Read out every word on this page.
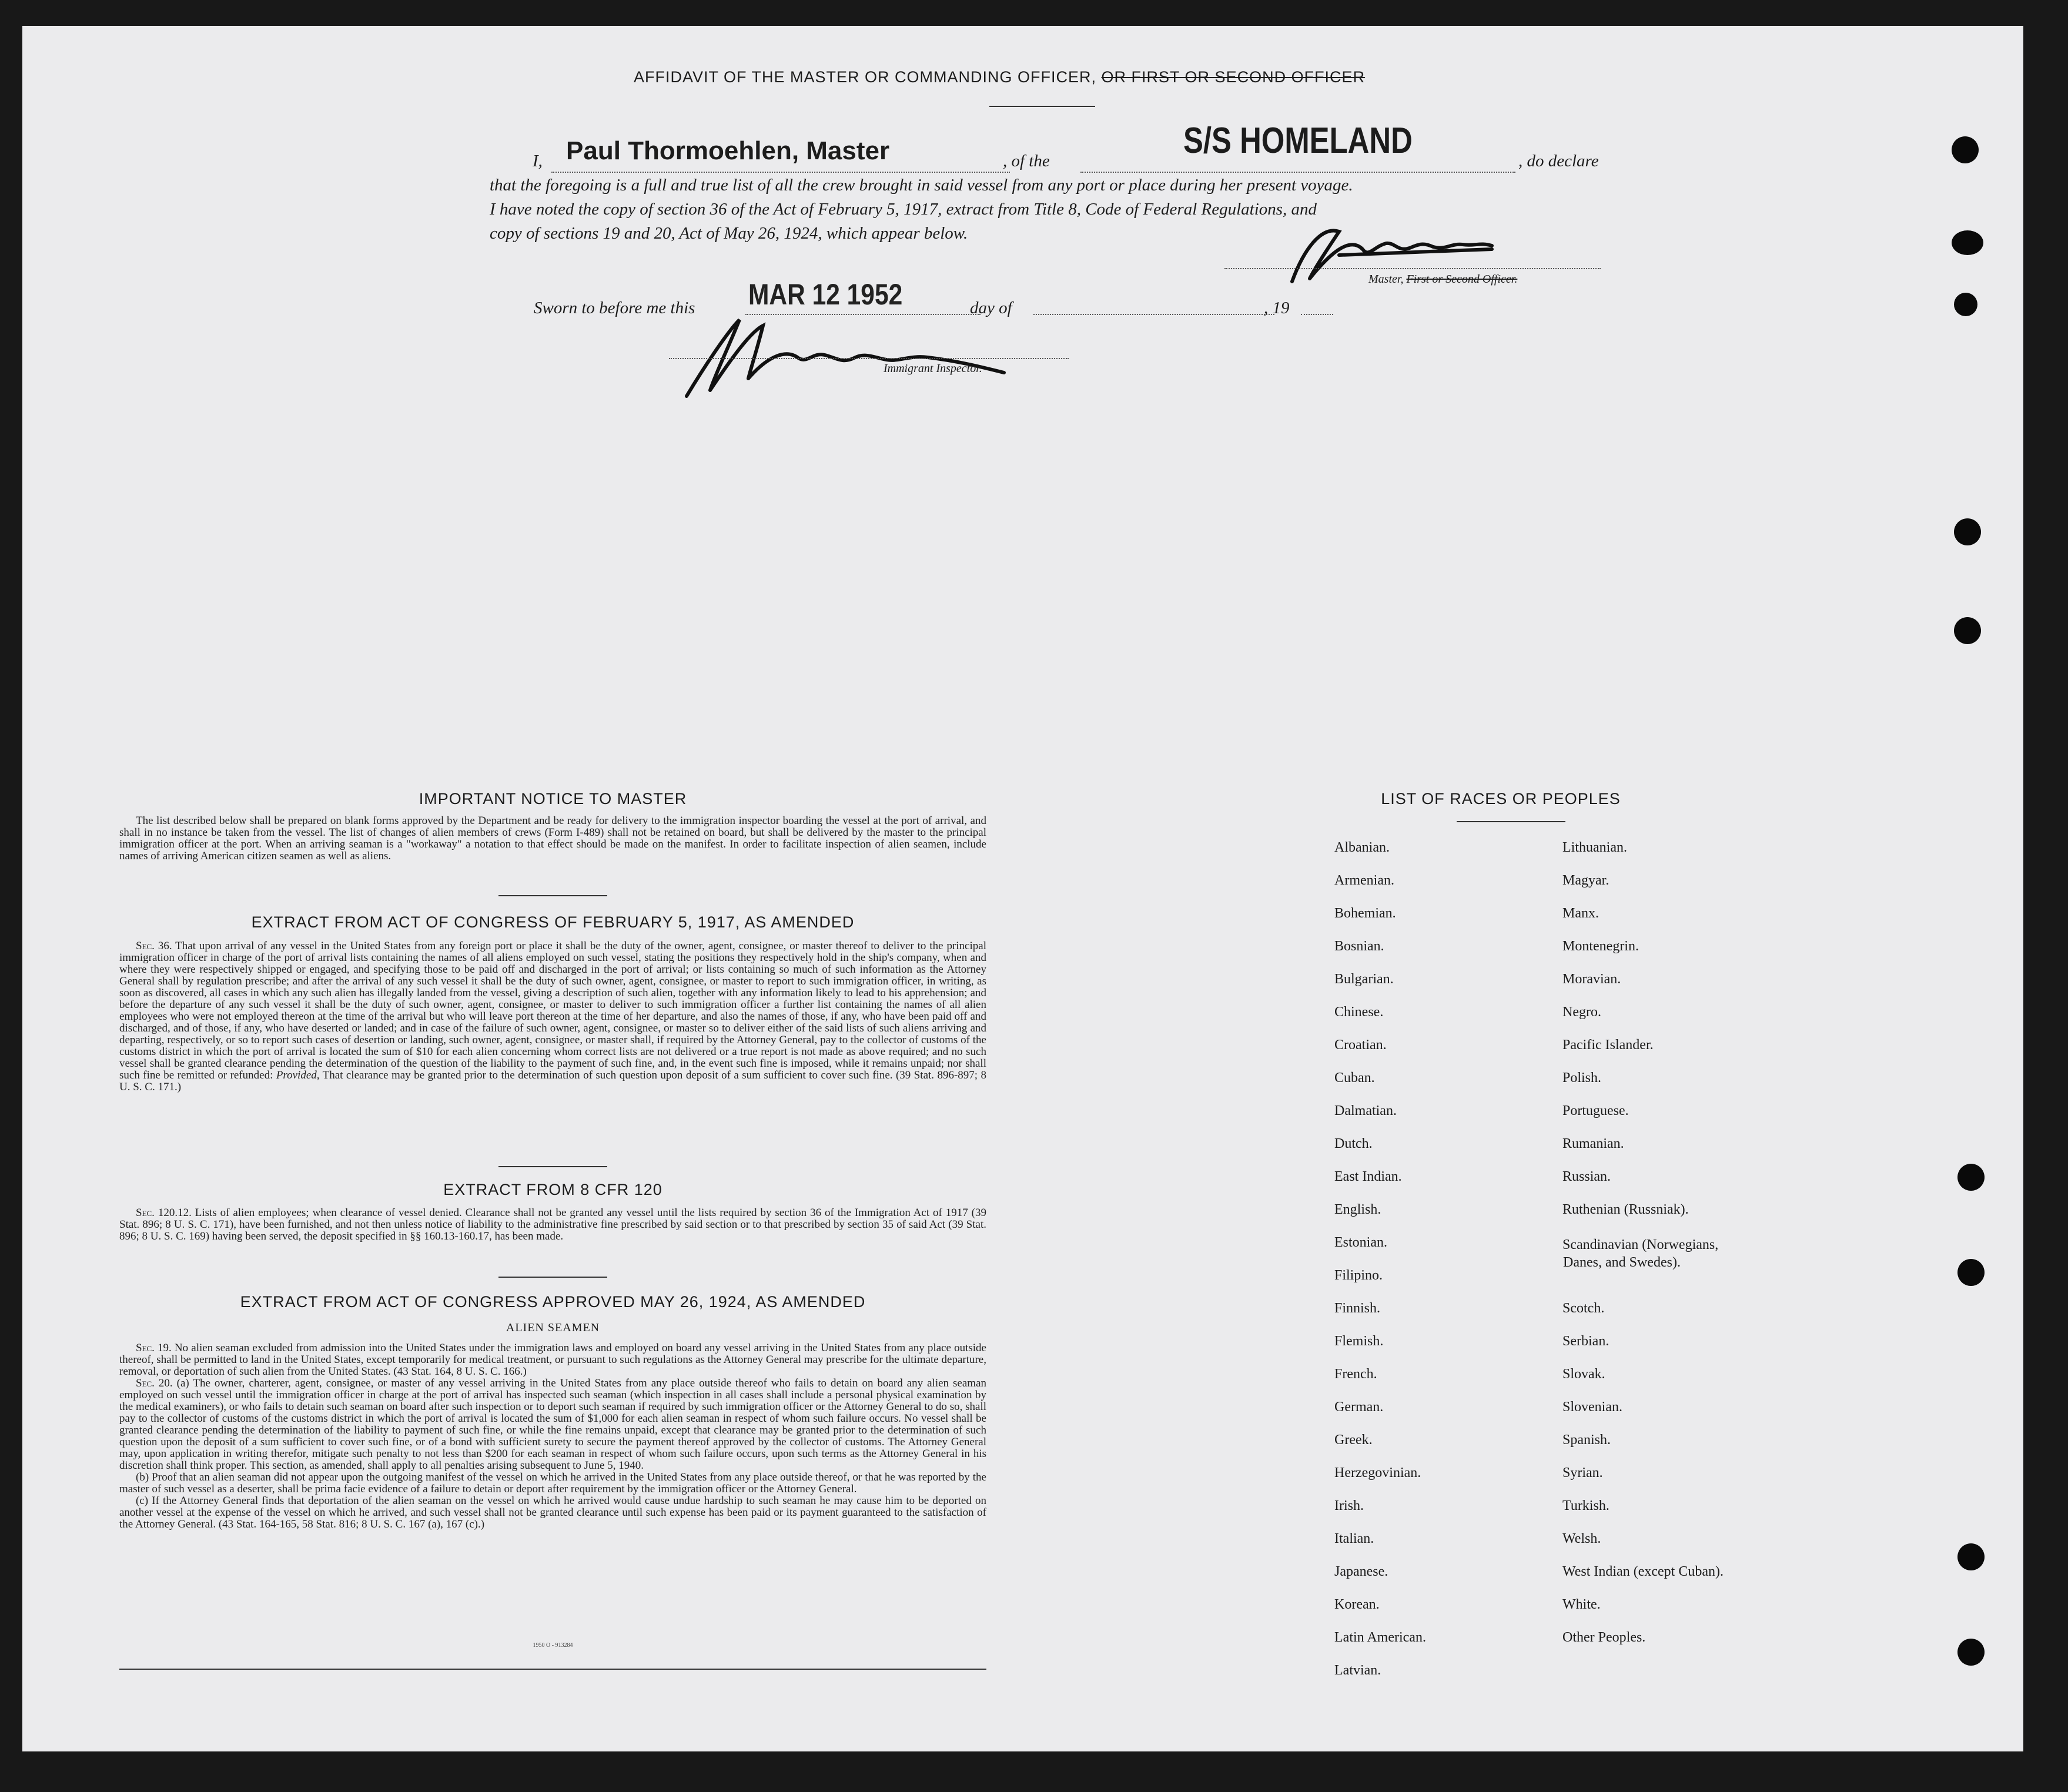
AFFIDAVIT OF THE MASTER OR COMMANDING OFFICER, OR FIRST OR SECOND OFFICER
I, Paul Thormoehlen, Master	, of the	S/S HOMELAND	, do declare
that the foregoing is a full and true list of all the crew brought in said vessel from any port or place during her present voyage.
I have noted the copy of section 36 of the Act of February 5, 1917, extract from Title 8, Code of Federal Regulations, and
copy of sections 19 and 20, Act of May 26, 1924, which appear below.
Master, First or Second Officer.
Sworn to before me this MAR 12 1952	day of	, 19
Immigrant Inspector.
IMPORTANT NOTICE TO MASTER

The list described below shall be prepared on blank forms approved by the Department and be ready for delivery to the immigration inspector boarding the vessel at the port of arrival, and shall in no instance be taken from the vessel. The list of changes of alien members of crews (Form I-489) shall not be retained on board, but shall be delivered by the master to the principal immigration officer at the port. When an arriving seaman is a "workaway" a notation to that effect should be made on the manifest. In order to facilitate inspection of alien seamen, include names of arriving American citizen seamen as well as aliens.

EXTRACT FROM ACT OF CONGRESS OF FEBRUARY 5, 1917, AS AMENDED

Sec. 36. That upon arrival of any vessel in the United States from any foreign port or place it shall be the duty of the owner, agent, consignee, or master thereof to deliver to the principal immigration officer in charge of the port of arrival lists containing the names of all aliens employed on such vessel, stating the positions they respectively hold in the ship's company, when and where they were respectively shipped or engaged, and specifying those to be paid off and discharged in the port of arrival; or lists containing so much of such information as the Attorney General shall by regulation prescribe; and after the arrival of any such vessel it shall be the duty of such owner, agent, consignee, or master to report to such immigration officer, in writing, as soon as discovered, all cases in which any such alien has illegally landed from the vessel, giving a description of such alien, together with any information likely to lead to his apprehension; and before the departure of any such vessel it shall be the duty of such owner, agent, consignee, or master to deliver to such immigration officer a further list containing the names of all alien employees who were not employed thereon at the time of the arrival but who will leave port thereon at the time of her departure, and also the names of those, if any, who have been paid off and discharged, and of those, if any, who have deserted or landed; and in case of the failure of such owner, agent, consignee, or master so to deliver either of the said lists of such aliens arriving and departing, respectively, or so to report such cases of desertion or landing, such owner, agent, consignee, or master shall, if required by the Attorney General, pay to the collector of customs of the customs district in which the port of arrival is located the sum of $10 for each alien concerning whom correct lists are not delivered or a true report is not made as above required; and no such vessel shall be granted clearance pending the determination of the question of the liability to the payment of such fine, and, in the event such fine is imposed, while it remains unpaid; nor shall such fine be remitted or refunded: Provided, That clearance may be granted prior to the determination of such question upon deposit of a sum sufficient to cover such fine. (39 Stat. 896-897; 8 U. S. C. 171.)

EXTRACT FROM 8 CFR 120

Sec. 120.12. Lists of alien employees; when clearance of vessel denied. Clearance shall not be granted any vessel until the lists required by section 36 of the Immigration Act of 1917 (39 Stat. 896; 8 U. S. C. 171), have been furnished, and not then unless notice of liability to the administrative fine prescribed by said section or to that prescribed by section 35 of said Act (39 Stat. 896; 8 U. S. C. 169) having been served, the deposit specified in §§ 160.13-160.17, has been made.

EXTRACT FROM ACT OF CONGRESS APPROVED MAY 26, 1924, AS AMENDED
ALIEN SEAMEN

Sec. 19. No alien seaman excluded from admission into the United States under the immigration laws and employed on board any vessel arriving in the United States from any place outside thereof, shall be permitted to land in the United States, except temporarily for medical treatment, or pursuant to such regulations as the Attorney General may prescribe for the ultimate departure, removal, or deportation of such alien from the United States. (43 Stat. 164, 8 U. S. C. 166.)

Sec. 20. (a) The owner, charterer, agent, consignee, or master of any vessel arriving in the United States from any place outside thereof who fails to detain on board any alien seaman employed on such vessel until the immigration officer in charge at the port of arrival has inspected such seaman (which inspection in all cases shall include a personal physical examination by the medical examiners), or who fails to detain such seaman on board after such inspection or to deport such seaman if required by such immigration officer or the Attorney General to do so, shall pay to the collector of customs of the customs district in which the port of arrival is located the sum of $1,000 for each alien seaman in respect of whom such failure occurs. No vessel shall be granted clearance pending the determination of the liability to payment of such fine, or while the fine remains unpaid, except that clearance may be granted prior to the determination of such question upon the deposit of a sum sufficient to cover such fine, or of a bond with sufficient surety to secure the payment thereof approved by the collector of customs. The Attorney General may, upon application in writing therefor, mitigate such penalty to not less than $200 for each seaman in respect of whom such failure occurs, upon such terms as the Attorney General in his discretion shall think proper. This section, as amended, shall apply to all penalties arising subsequent to June 5, 1940.

(b) Proof that an alien seaman did not appear upon the outgoing manifest of the vessel on which he arrived in the United States from any place outside thereof, or that he was reported by the master of such vessel as a deserter, shall be prima facie evidence of a failure to detain or deport after requirement by the immigration officer or the Attorney General.

(c) If the Attorney General finds that deportation of the alien seaman on the vessel on which he arrived would cause undue hardship to such seaman he may cause him to be deported on another vessel at the expense of the vessel on which he arrived, and such vessel shall not be granted clearance until such expense has been paid or its payment guaranteed to the satisfaction of the Attorney General. (43 Stat. 164-165, 58 Stat. 816; 8 U. S. C. 167 (a), 167 (c).)

1950 O - 913284
LIST OF RACES OR PEOPLES
Albanian.
Armenian.
Bohemian.
Bosnian.
Bulgarian.
Chinese.
Croatian.
Cuban.
Dalmatian.
Dutch.
East Indian.
English.
Estonian.
Filipino.
Finnish.
Flemish.
French.
German.
Greek.
Herzegovinian.
Irish.
Italian.
Japanese.
Korean.
Latin American.
Latvian.
Lithuanian.
Magyar.
Manx.
Montenegrin.
Moravian.
Negro.
Pacific Islander.
Polish.
Portuguese.
Rumanian.
Russian.
Ruthenian (Russniak).
Scandinavian (Norwegians,
Danes, and Swedes).
Scotch.
Serbian.
Slovak.
Slovenian.
Spanish.
Syrian.
Turkish.
Welsh.
West Indian (except Cuban).
White.
Other Peoples.
